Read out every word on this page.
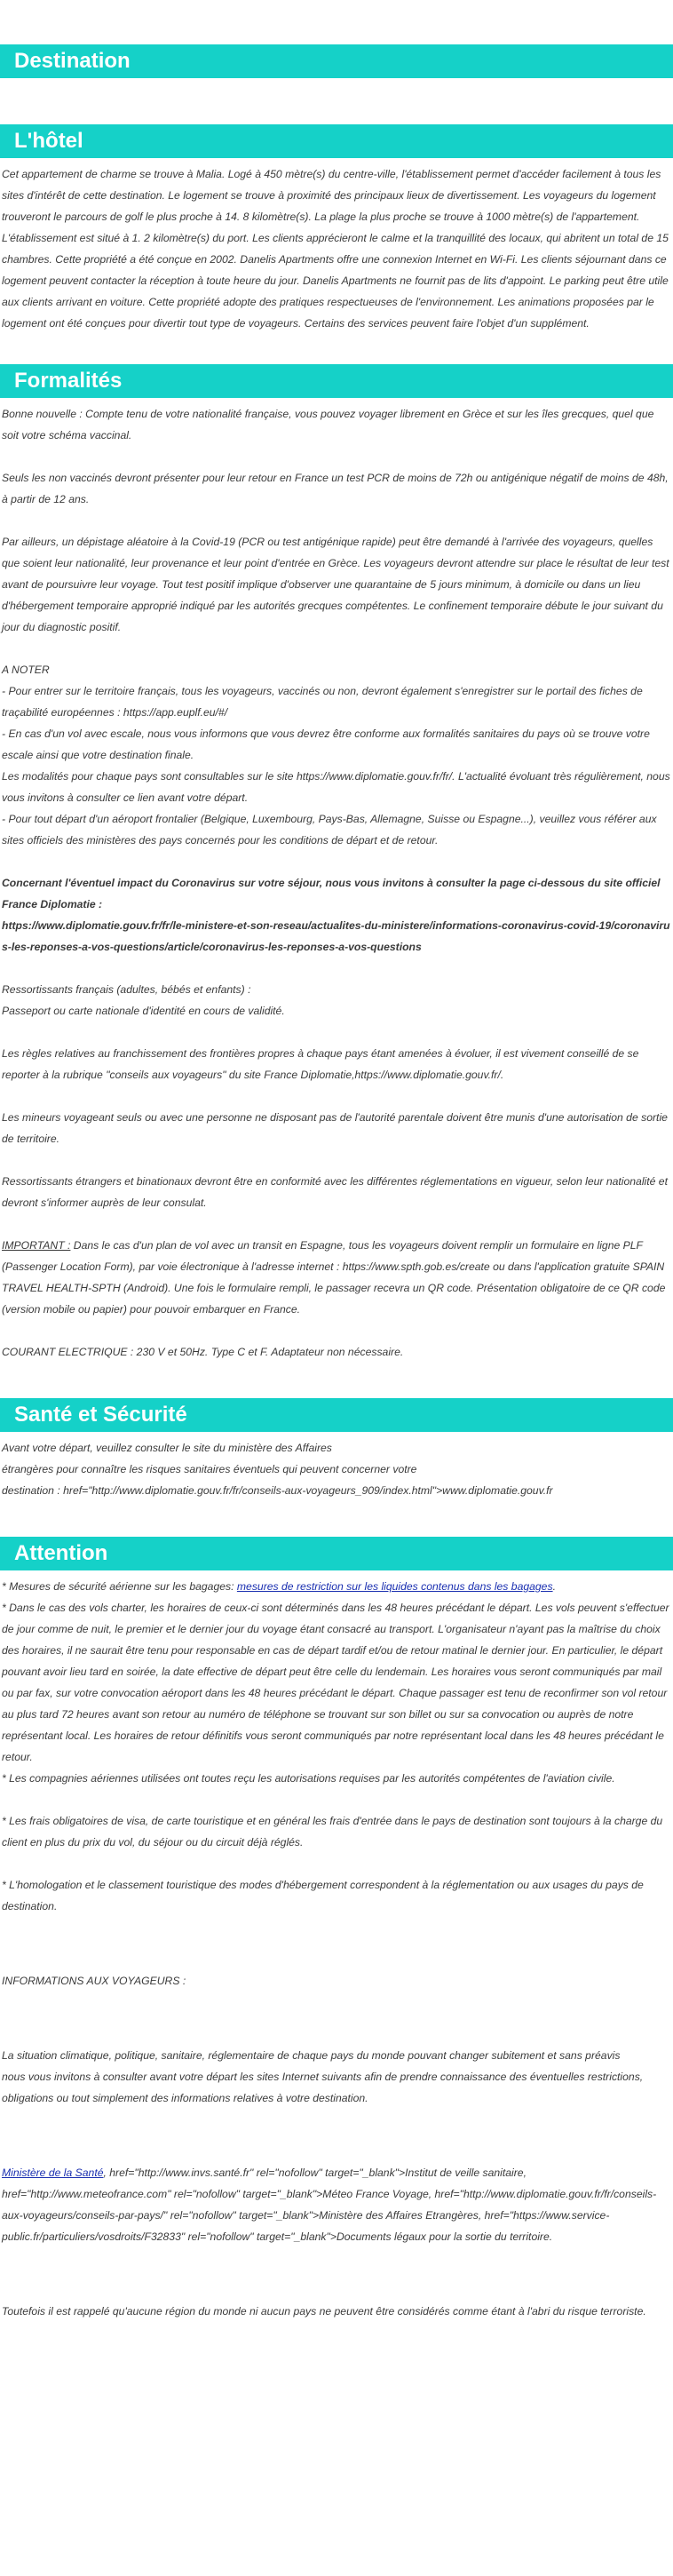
Destination
L'hôtel

Cet appartement de charme se trouve à Malia. Logé à 450 mètre(s) du centre-ville, l'établissement permet d'accéder facilement à tous les sites d'intérêt de cette destination. Le logement se trouve à proximité des principaux lieux de divertissement. Les voyageurs du logement trouveront le parcours de golf le plus proche à 14. 8 kilomètre(s). La plage la plus proche se trouve à 1000 mètre(s) de l'appartement. L'établissement est situé à 1. 2 kilomètre(s) du port. Les clients apprécieront le calme et la tranquillité des locaux, qui abritent un total de 15 chambres. Cette propriété a été conçue en 2002. Danelis Apartments offre une connexion Internet en Wi-Fi. Les clients séjournant dans ce logement peuvent contacter la réception à toute heure du jour. Danelis Apartments ne fournit pas de lits d'appoint. Le parking peut être utile aux clients arrivant en voiture. Cette propriété adopte des pratiques respectueuses de l'environnement. Les animations proposées par le logement ont été conçues pour divertir tout type de voyageurs. Certains des services peuvent faire l'objet d'un supplément.

Formalités

Bonne nouvelle : Compte tenu de votre nationalité française, vous pouvez voyager librement en Grèce et sur les îles grecques, quel que soit votre schéma vaccinal.

Seuls les non vaccinés devront présenter pour leur retour en France un test PCR de moins de 72h ou antigénique négatif de moins de 48h, à partir de 12 ans.

Par ailleurs, un dépistage aléatoire à la Covid-19 (PCR ou test antigénique rapide) peut être demandé à l'arrivée des voyageurs, quelles que soient leur nationalité, leur provenance et leur point d'entrée en Grèce. Les voyageurs devront attendre sur place le résultat de leur test avant de poursuivre leur voyage. Tout test positif implique d'observer une quarantaine de 5 jours minimum, à domicile ou dans un lieu d'hébergement temporaire approprié indiqué par les autorités grecques compétentes. Le confinement temporaire débute le jour suivant du jour du diagnostic positif.

A NOTER

- Pour entrer sur le territoire français, tous les voyageurs, vaccinés ou non, devront également s'enregistrer sur le portail des fiches de traçabilité européennes : https://app.euplf.eu/#/

- En cas d'un vol avec escale, nous vous informons que vous devrez être conforme aux formalités sanitaires du pays où se trouve votre escale ainsi que votre destination finale.

Les modalités pour chaque pays sont consultables sur le site https://www.diplomatie.gouv.fr/fr/. L'actualité évoluant très régulièrement, nous vous invitons à consulter ce lien avant votre départ.

- Pour tout départ d'un aéroport frontalier (Belgique, Luxembourg, Pays-Bas, Allemagne, Suisse ou Espagne...), veuillez vous référer aux sites officiels des ministères des pays concernés pour les conditions de départ et de retour.

Concernant l'éventuel impact du Coronavirus sur votre séjour, nous vous invitons à consulter la page ci-dessous du site officiel France Diplomatie :
https://www.diplomatie.gouv.fr/fr/le-ministere-et-son-reseau/actualites-du-ministere/informations-coronavirus-covid-19/coronavirus-les-reponses-a-vos-questions/article/coronavirus-les-reponses-a-vos-questions

Ressortissants français (adultes, bébés et enfants) :

Passeport ou carte nationale d'identité en cours de validité.

Les règles relatives au franchissement des frontières propres à chaque pays étant amenées à évoluer, il est vivement conseillé de se reporter à la rubrique "conseils aux voyageurs" du site France Diplomatie,https://www.diplomatie.gouv.fr/.

Les mineurs voyageant seuls ou avec une personne ne disposant pas de l'autorité parentale doivent être munis d'une autorisation de sortie de territoire.

Ressortissants étrangers et binationaux devront être en conformité avec les différentes réglementations en vigueur, selon leur nationalité et devront s'informer auprès de leur consulat.

IMPORTANT : Dans le cas d'un plan de vol avec un transit en Espagne, tous les voyageurs doivent remplir un formulaire en ligne PLF (Passenger Location Form), par voie électronique à l'adresse internet : https://www.spth.gob.es/create ou dans l'application gratuite SPAIN TRAVEL HEALTH-SPTH (Android). Une fois le formulaire rempli, le passager recevra un QR code. Présentation obligatoire de ce QR code (version mobile ou papier) pour pouvoir embarquer en France.

COURANT ELECTRIQUE : 230 V et 50Hz. Type C et F. Adaptateur non nécessaire.

Santé et Sécurité

Avant votre départ, veuillez consulter le site du ministère des Affaires

étrangères pour connaître les risques sanitaires éventuels qui peuvent concerner votre

destination : href="http://www.diplomatie.gouv.fr/fr/conseils-aux-voyageurs_909/index.html">www.diplomatie.gouv.fr

Attention

* Mesures de sécurité aérienne sur les bagages: mesures de restriction sur les liquides contenus dans les bagages.

* Dans le cas des vols charter, les horaires de ceux-ci sont déterminés dans les 48 heures précédant le départ. Les vols peuvent s'effectuer de jour comme de nuit, le premier et le dernier jour du voyage étant consacré au transport. L'organisateur n'ayant pas la maîtrise du choix des horaires, il ne saurait être tenu pour responsable en cas de départ tardif et/ou de retour matinal le dernier jour. En particulier, le départ pouvant avoir lieu tard en soirée, la date effective de départ peut être celle du lendemain. Les horaires vous seront communiqués par mail ou par fax, sur votre convocation aéroport dans les 48 heures précédant le départ. Chaque passager est tenu de reconfirmer son vol retour au plus tard 72 heures avant son retour au numéro de téléphone se trouvant sur son billet ou sur sa convocation ou auprès de notre représentant local. Les horaires de retour définitifs vous seront communiqués par notre représentant local dans les 48 heures précédant le retour.

* Les compagnies aériennes utilisées ont toutes reçu les autorisations requises par les autorités compétentes de l'aviation civile.

* Les frais obligatoires de visa, de carte touristique et en général les frais d'entrée dans le pays de destination sont toujours à la charge du client en plus du prix du vol, du séjour ou du circuit déjà réglés.

* L'homologation et le classement touristique des modes d'hébergement correspondent à la réglementation ou aux usages du pays de destination.

INFORMATIONS AUX VOYAGEURS :

La situation climatique, politique, sanitaire, réglementaire de chaque pays du monde pouvant changer subitement et sans préavis

nous vous invitons à consulter avant votre départ les sites Internet suivants afin de prendre connaissance des éventuelles restrictions, obligations ou tout simplement des informations relatives à votre destination.

Ministère de la Santé, href="http://www.invs.santé.fr" rel="nofollow" target="_blank">Institut de veille sanitaire, href="http://www.meteofrance.com" rel="nofollow" target="_blank">Méteo France Voyage, href="http://www.diplomatie.gouv.fr/fr/conseils-aux-voyageurs/conseils-par-pays/" rel="nofollow" target="_blank">Ministère des Affaires Etrangères, href="https://www.service-public.fr/particuliers/vosdroits/F32833" rel="nofollow" target="_blank">Documents légaux pour la sortie du territoire.

Toutefois il est rappelé qu'aucune région du monde ni aucun pays ne peuvent être considérés comme étant à l'abri du risque terroriste.
